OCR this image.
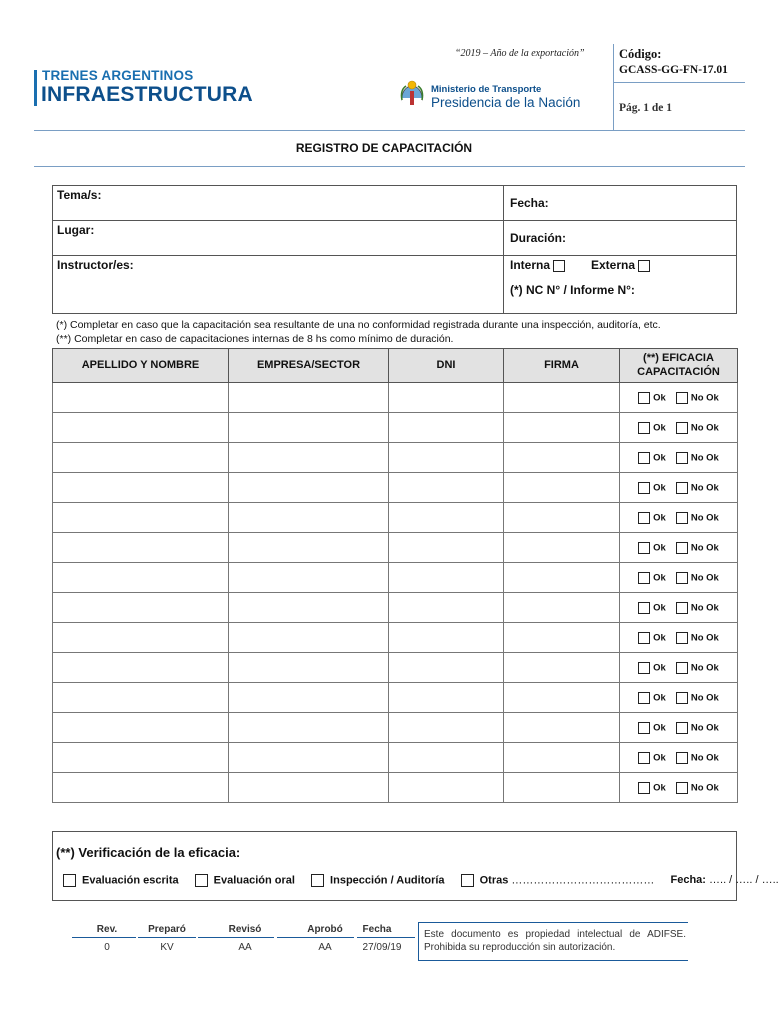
TRENES ARGENTINOS
INFRAESTRUCTURA
“2019 – Año de la exportación”
Ministerio de Transporte
Presidencia de la Nación
Código:
GCASS-GG-FN-17.01
Pág. 1 de 1
REGISTRO DE CAPACITACIÓN
Tema/s:
Fecha:
Lugar:
Duración:
Instructor/es:	Interna	Externa
(*) NC N° / Informe N°:
(*) Completar en caso que la capacitación sea resultante de una no conformidad registrada durante una inspección, auditoría, etc.
(**) Completar en caso de capacitaciones internas de 8 hs como mínimo de duración.
APELLIDO Y NOMBRE	EMPRESA/SECTOR	DNI	FIRMA	(**) EFICACIA CAPACITACIÓN
				Ok No Ok
				Ok No Ok
				Ok No Ok
				Ok No Ok
				Ok No Ok
				Ok No Ok
				Ok No Ok
				Ok No Ok
				Ok No Ok
				Ok No Ok
				Ok No Ok
				Ok No Ok
				Ok No Ok
				Ok No Ok
(**) Verificación de la eficacia:
Evaluación escrita	Evaluación oral	Inspección / Auditoría	Otras ………………………………… Fecha: ….. / ….. / …..
Rev.	Preparó	Revisó	Aprobó	Fecha
0	KV	AA	AA	27/09/19
Este documento es propiedad intelectual de ADIFSE. Prohibida su reproducción sin autorización.
